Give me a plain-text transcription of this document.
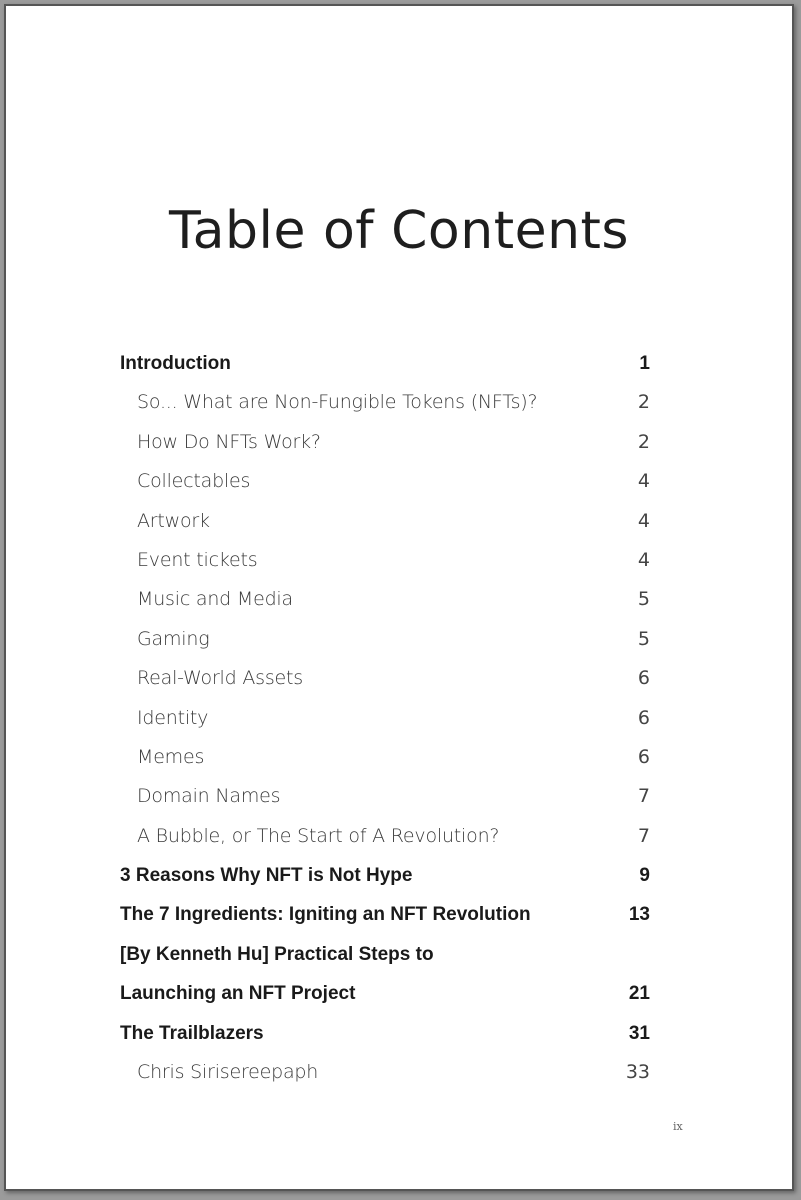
Table of Contents
Introduction	1
So... What are Non-Fungible Tokens (NFTs)?	2
How Do NFTs Work?	2
Collectables	4
Artwork	4
Event tickets	4
Music and Media	5
Gaming	5
Real-World Assets	6
Identity	6
Memes	6
Domain Names	7
A Bubble, or The Start of A Revolution?	7
3 Reasons Why NFT is Not Hype	9
The 7 Ingredients: Igniting an NFT Revolution	13
[By Kenneth Hu] Practical Steps to
Launching an NFT Project	21
The Trailblazers	31
Chris Sirisereepaph	33
ix
